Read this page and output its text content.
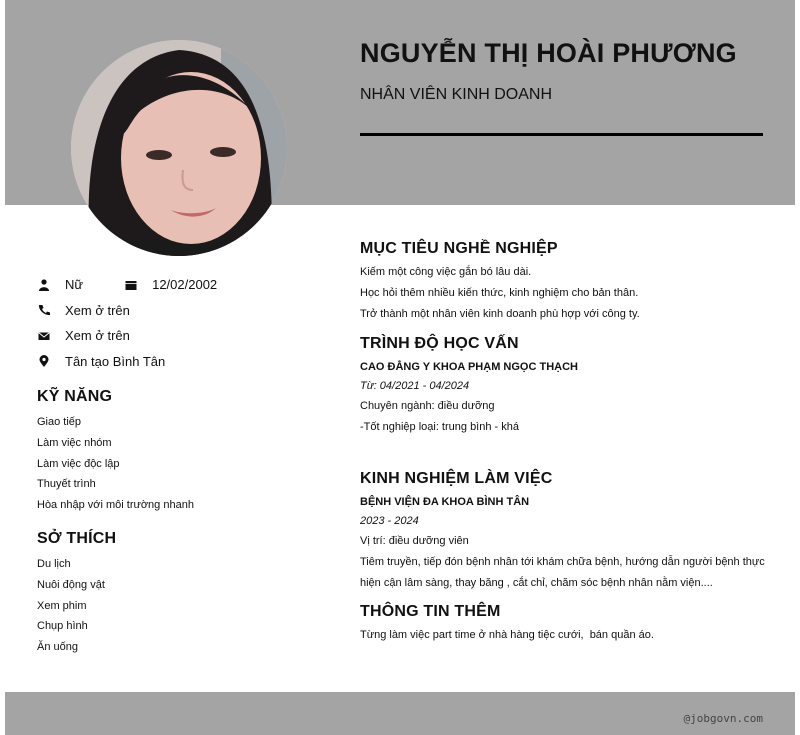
NGUYỄN THỊ HOÀI PHƯƠNG
NHÂN VIÊN KINH DOANH
Nữ	12/02/2002
Xem ở trên
Xem ở trên
Tân tạo Bình Tân
KỸ NĂNG
Giao tiếp
Làm việc nhóm
Làm việc độc lập
Thuyết trình
Hòa nhập với môi trường nhanh
SỞ THÍCH
Du lịch
Nuôi động vật
Xem phim
Chụp hình
Ăn uống
MỤC TIÊU NGHỀ NGHIỆP
Kiếm một công việc gắn bó lâu dài.
Học hỏi thêm nhiều kiến thức, kinh nghiệm cho bản thân.
Trở thành một nhân viên kinh doanh phù hợp với công ty.
TRÌNH ĐỘ HỌC VẤN
CAO ĐẲNG Y KHOA PHẠM NGỌC THẠCH
Từ: 04/2021 - 04/2024
Chuyên ngành: điều dưỡng
-Tốt nghiệp loại: trung bình - khá
KINH NGHIỆM LÀM VIỆC
BỆNH VIỆN ĐA KHOA BÌNH TÂN
2023 - 2024
Vị trí: điều dưỡng viên
Tiêm truyền, tiếp đón bệnh nhân tới khám chữa bệnh, hướng dẫn người bệnh thực hiện cận lâm sàng, thay băng , cắt chỉ, chăm sóc bệnh nhân nằm viện....
THÔNG TIN THÊM
Từng làm việc part time ở nhà hàng tiệc cưới,  bán quần áo.
@jobgovn.com
